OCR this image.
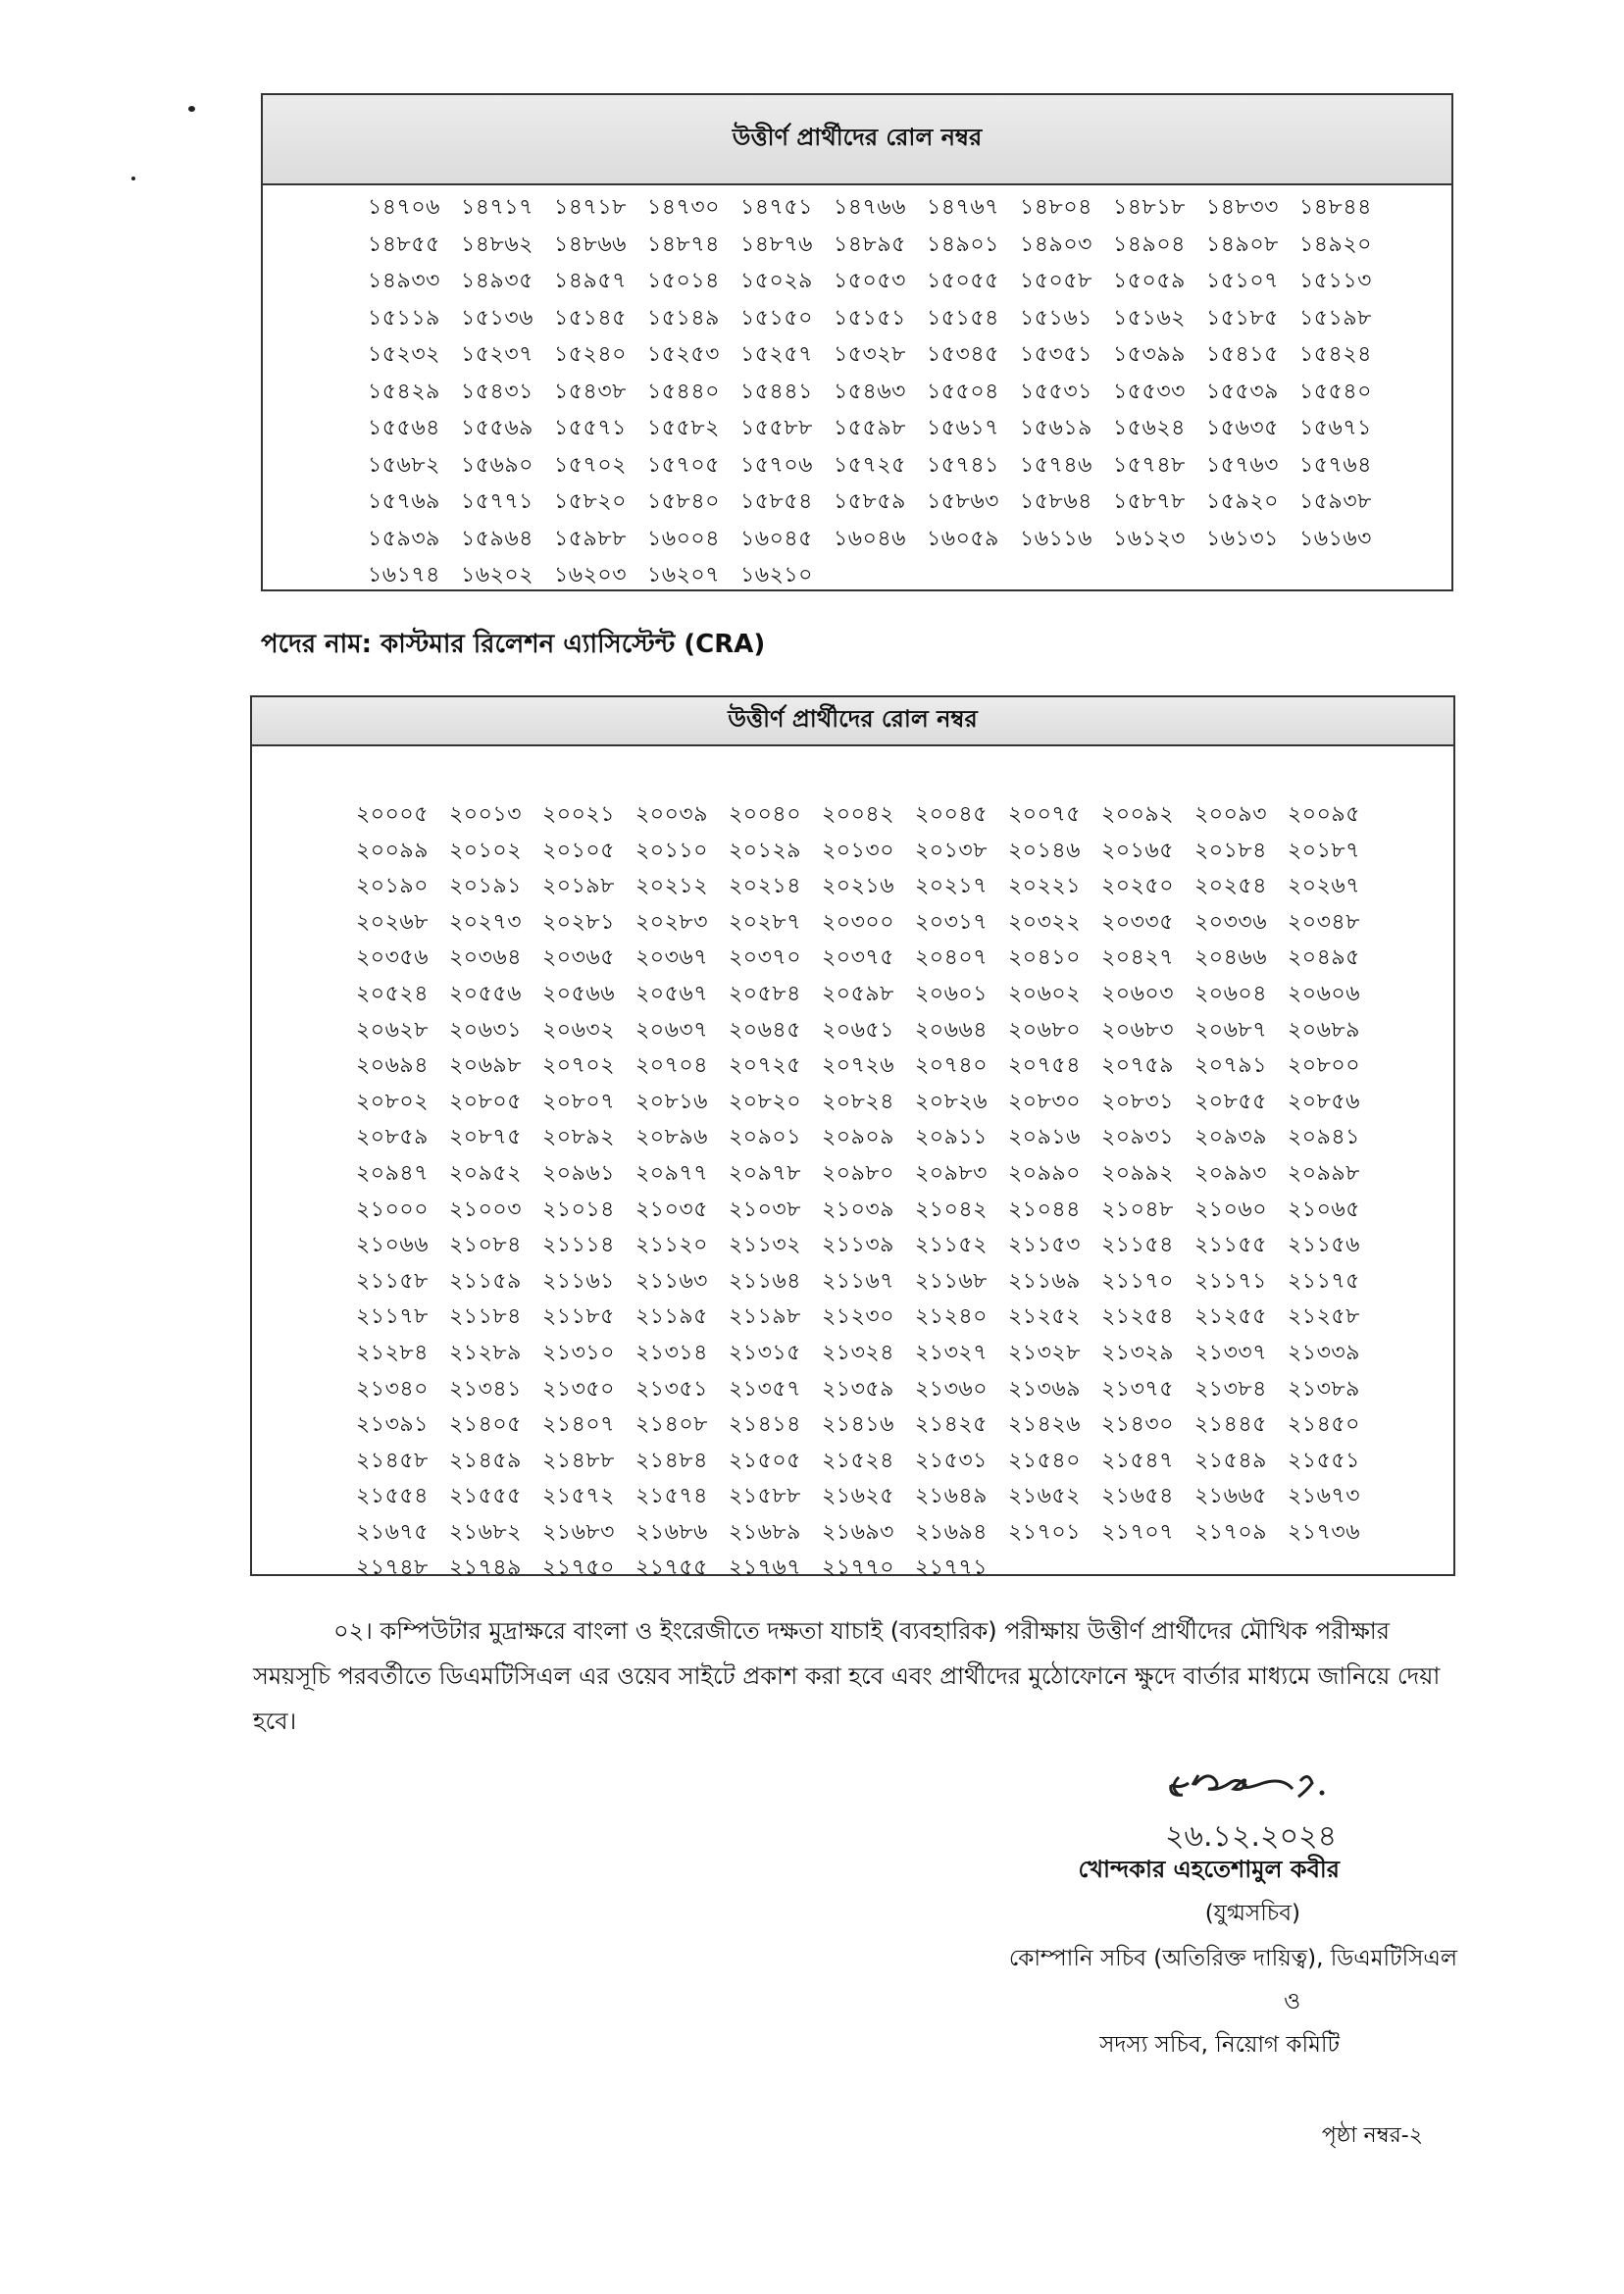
উত্তীর্ণ প্রার্থীদের রোল নম্বর
১৪৭০৬ ১৪৭১৭ ১৪৭১৮ ১৪৭৩০ ১৪৭৫১ ১৪৭৬৬ ১৪৭৬৭ ১৪৮০৪ ১৪৮১৮ ১৪৮৩৩ ১৪৮৪৪
১৪৮৫৫ ১৪৮৬২ ১৪৮৬৬ ১৪৮৭৪ ১৪৮৭৬ ১৪৮৯৫ ১৪৯০১ ১৪৯০৩ ১৪৯০৪ ১৪৯০৮ ১৪৯২০
১৪৯৩৩ ১৪৯৩৫ ১৪৯৫৭ ১৫০১৪ ১৫০২৯ ১৫০৫৩ ১৫০৫৫ ১৫০৫৮ ১৫০৫৯ ১৫১০৭ ১৫১১৩
১৫১১৯ ১৫১৩৬ ১৫১৪৫ ১৫১৪৯ ১৫১৫০ ১৫১৫১ ১৫১৫৪ ১৫১৬১ ১৫১৬২ ১৫১৮৫ ১৫১৯৮
১৫২৩২ ১৫২৩৭ ১৫২৪০ ১৫২৫৩ ১৫২৫৭ ১৫৩২৮ ১৫৩৪৫ ১৫৩৫১ ১৫৩৯৯ ১৫৪১৫ ১৫৪২৪
১৫৪২৯ ১৫৪৩১ ১৫৪৩৮ ১৫৪৪০ ১৫৪৪১ ১৫৪৬৩ ১৫৫০৪ ১৫৫৩১ ১৫৫৩৩ ১৫৫৩৯ ১৫৫৪০
১৫৫৬৪ ১৫৫৬৯ ১৫৫৭১ ১৫৫৮২ ১৫৫৮৮ ১৫৫৯৮ ১৫৬১৭ ১৫৬১৯ ১৫৬২৪ ১৫৬৩৫ ১৫৬৭১
১৫৬৮২ ১৫৬৯০ ১৫৭০২ ১৫৭০৫ ১৫৭০৬ ১৫৭২৫ ১৫৭৪১ ১৫৭৪৬ ১৫৭৪৮ ১৫৭৬৩ ১৫৭৬৪
১৫৭৬৯ ১৫৭৭১ ১৫৮২০ ১৫৮৪০ ১৫৮৫৪ ১৫৮৫৯ ১৫৮৬৩ ১৫৮৬৪ ১৫৮৭৮ ১৫৯২০ ১৫৯৩৮
১৫৯৩৯ ১৫৯৬৪ ১৫৯৮৮ ১৬০০৪ ১৬০৪৫ ১৬০৪৬ ১৬০৫৯ ১৬১১৬ ১৬১২৩ ১৬১৩১ ১৬১৬৩
১৬১৭৪ ১৬২০২ ১৬২০৩ ১৬২০৭ ১৬২১০
পদের নাম: কাস্টমার রিলেশন এ্যাসিস্টেন্ট (CRA)
উত্তীর্ণ প্রার্থীদের রোল নম্বর
২০০০৫ ২০০১৩ ২০০২১ ২০০৩৯ ২০০৪০ ২০০৪২ ২০০৪৫ ২০০৭৫ ২০০৯২ ২০০৯৩ ২০০৯৫
২০০৯৯ ২০১০২ ২০১০৫ ২০১১০ ২০১২৯ ২০১৩০ ২০১৩৮ ২০১৪৬ ২০১৬৫ ২০১৮৪ ২০১৮৭
২০১৯০ ২০১৯১ ২০১৯৮ ২০২১২ ২০২১৪ ২০২১৬ ২০২১৭ ২০২২১ ২০২৫০ ২০২৫৪ ২০২৬৭
২০২৬৮ ২০২৭৩ ২০২৮১ ২০২৮৩ ২০২৮৭ ২০৩০০ ২০৩১৭ ২০৩২২ ২০৩৩৫ ২০৩৩৬ ২০৩৪৮
২০৩৫৬ ২০৩৬৪ ২০৩৬৫ ২০৩৬৭ ২০৩৭০ ২০৩৭৫ ২০৪০৭ ২০৪১০ ২০৪২৭ ২০৪৬৬ ২০৪৯৫
২০৫২৪ ২০৫৫৬ ২০৫৬৬ ২০৫৬৭ ২০৫৮৪ ২০৫৯৮ ২০৬০১ ২০৬০২ ২০৬০৩ ২০৬০৪ ২০৬০৬
২০৬২৮ ২০৬৩১ ২০৬৩২ ২০৬৩৭ ২০৬৪৫ ২০৬৫১ ২০৬৬৪ ২০৬৮০ ২০৬৮৩ ২০৬৮৭ ২০৬৮৯
২০৬৯৪ ২০৬৯৮ ২০৭০২ ২০৭০৪ ২০৭২৫ ২০৭২৬ ২০৭৪০ ২০৭৫৪ ২০৭৫৯ ২০৭৯১ ২০৮০০
২০৮০২ ২০৮০৫ ২০৮০৭ ২০৮১৬ ২০৮২০ ২০৮২৪ ২০৮২৬ ২০৮৩০ ২০৮৩১ ২০৮৫৫ ২০৮৫৬
২০৮৫৯ ২০৮৭৫ ২০৮৯২ ২০৮৯৬ ২০৯০১ ২০৯০৯ ২০৯১১ ২০৯১৬ ২০৯৩১ ২০৯৩৯ ২০৯৪১
২০৯৪৭ ২০৯৫২ ২০৯৬১ ২০৯৭৭ ২০৯৭৮ ২০৯৮০ ২০৯৮৩ ২০৯৯০ ২০৯৯২ ২০৯৯৩ ২০৯৯৮
২১০০০ ২১০০৩ ২১০১৪ ২১০৩৫ ২১০৩৮ ২১০৩৯ ২১০৪২ ২১০৪৪ ২১০৪৮ ২১০৬০ ২১০৬৫
২১০৬৬ ২১০৮৪ ২১১১৪ ২১১২০ ২১১৩২ ২১১৩৯ ২১১৫২ ২১১৫৩ ২১১৫৪ ২১১৫৫ ২১১৫৬
২১১৫৮ ২১১৫৯ ২১১৬১ ২১১৬৩ ২১১৬৪ ২১১৬৭ ২১১৬৮ ২১১৬৯ ২১১৭০ ২১১৭১ ২১১৭৫
২১১৭৮ ২১১৮৪ ২১১৮৫ ২১১৯৫ ২১১৯৮ ২১২৩০ ২১২৪০ ২১২৫২ ২১২৫৪ ২১২৫৫ ২১২৫৮
২১২৮৪ ২১২৮৯ ২১৩১০ ২১৩১৪ ২১৩১৫ ২১৩২৪ ২১৩২৭ ২১৩২৮ ২১৩২৯ ২১৩৩৭ ২১৩৩৯
২১৩৪০ ২১৩৪১ ২১৩৫০ ২১৩৫১ ২১৩৫৭ ২১৩৫৯ ২১৩৬০ ২১৩৬৯ ২১৩৭৫ ২১৩৮৪ ২১৩৮৯
২১৩৯১ ২১৪০৫ ২১৪০৭ ২১৪০৮ ২১৪১৪ ২১৪১৬ ২১৪২৫ ২১৪২৬ ২১৪৩০ ২১৪৪৫ ২১৪৫০
২১৪৫৮ ২১৪৫৯ ২১৪৮৮ ২১৪৮৪ ২১৫০৫ ২১৫২৪ ২১৫৩১ ২১৫৪০ ২১৫৪৭ ২১৫৪৯ ২১৫৫১
২১৫৫৪ ২১৫৫৫ ২১৫৭২ ২১৫৭৪ ২১৫৮৮ ২১৬২৫ ২১৬৪৯ ২১৬৫২ ২১৬৫৪ ২১৬৬৫ ২১৬৭৩
২১৬৭৫ ২১৬৮২ ২১৬৮৩ ২১৬৮৬ ২১৬৮৯ ২১৬৯৩ ২১৬৯৪ ২১৭০১ ২১৭০৭ ২১৭০৯ ২১৭৩৬
২১৭৪৮ ২১৭৪৯ ২১৭৫০ ২১৭৫৫ ২১৭৬৭ ২১৭৭০ ২১৭৭১
০২। কম্পিউটার মুদ্রাক্ষরে বাংলা ও ইংরেজীতে দক্ষতা যাচাই (ব্যবহারিক) পরীক্ষায় উত্তীর্ণ প্রার্থীদের মৌখিক পরীক্ষার সময়সূচি পরবর্তীতে ডিএমটিসিএল এর ওয়েব সাইটে প্রকাশ করা হবে এবং প্রার্থীদের মুঠোফোনে ক্ষুদে বার্তার মাধ্যমে জানিয়ে দেয়া হবে।
২৬.১২.২০২৪
খোন্দকার এহতেশামুল কবীর
(যুগ্মসচিব)
কোম্পানি সচিব (অতিরিক্ত দায়িত্ব), ডিএমটিসিএল
ও
সদস্য সচিব, নিয়োগ কমিটি
পৃষ্ঠা নম্বর-২
